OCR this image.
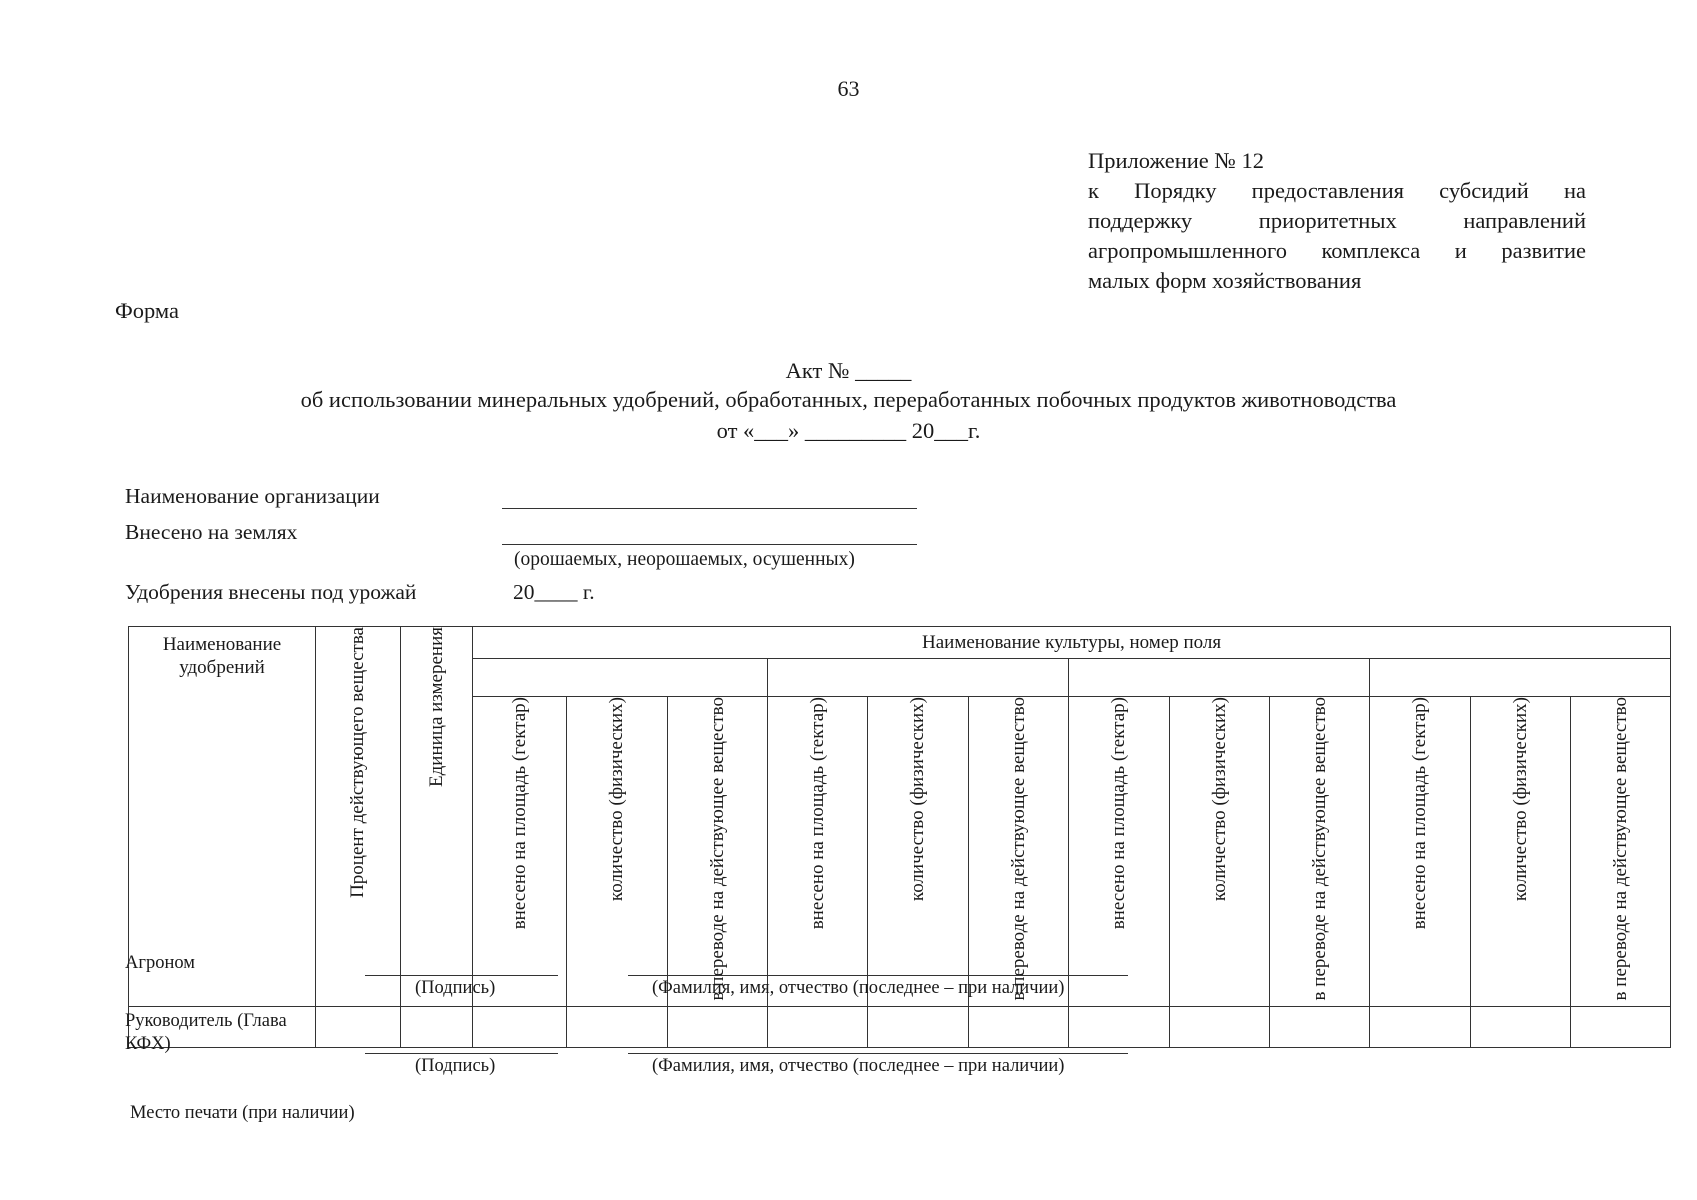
63
Приложение № 12
к Порядку предоставления субсидий на
поддержку приоритетных направлений
агропромышленного комплекса и развитие
малых форм хозяйствования
Форма
Акт № _____
об использовании минеральных удобрений, обработанных, переработанных побочных продуктов животноводства
от «___» _________ 20___г.
Наименование организации
Внесено на землях
(орошаемых, неорошаемых, осушенных)
Удобрения внесены под урожай	20____ г.
Наименование удобрений	Процент действующего вещества	Единица измерения	Наименование культуры, номер поля											

			внесено на площадь (гектар)	количество (физических)	в переводе на действующее вещество	внесено на площадь (гектар)	количество (физических)	в переводе на действующее вещество	внесено на площадь (гектар)	количество (физических)	в переводе на действующее вещество	внесено на площадь (гектар)	количество (физических)	в переводе на действующее вещество

Агроном
(Подпись)	(Фамилия, имя, отчество (последнее – при наличии)
Руководитель (Глава КФХ)
(Подпись)	(Фамилия, имя, отчество (последнее – при наличии)
Место печати (при наличии)
